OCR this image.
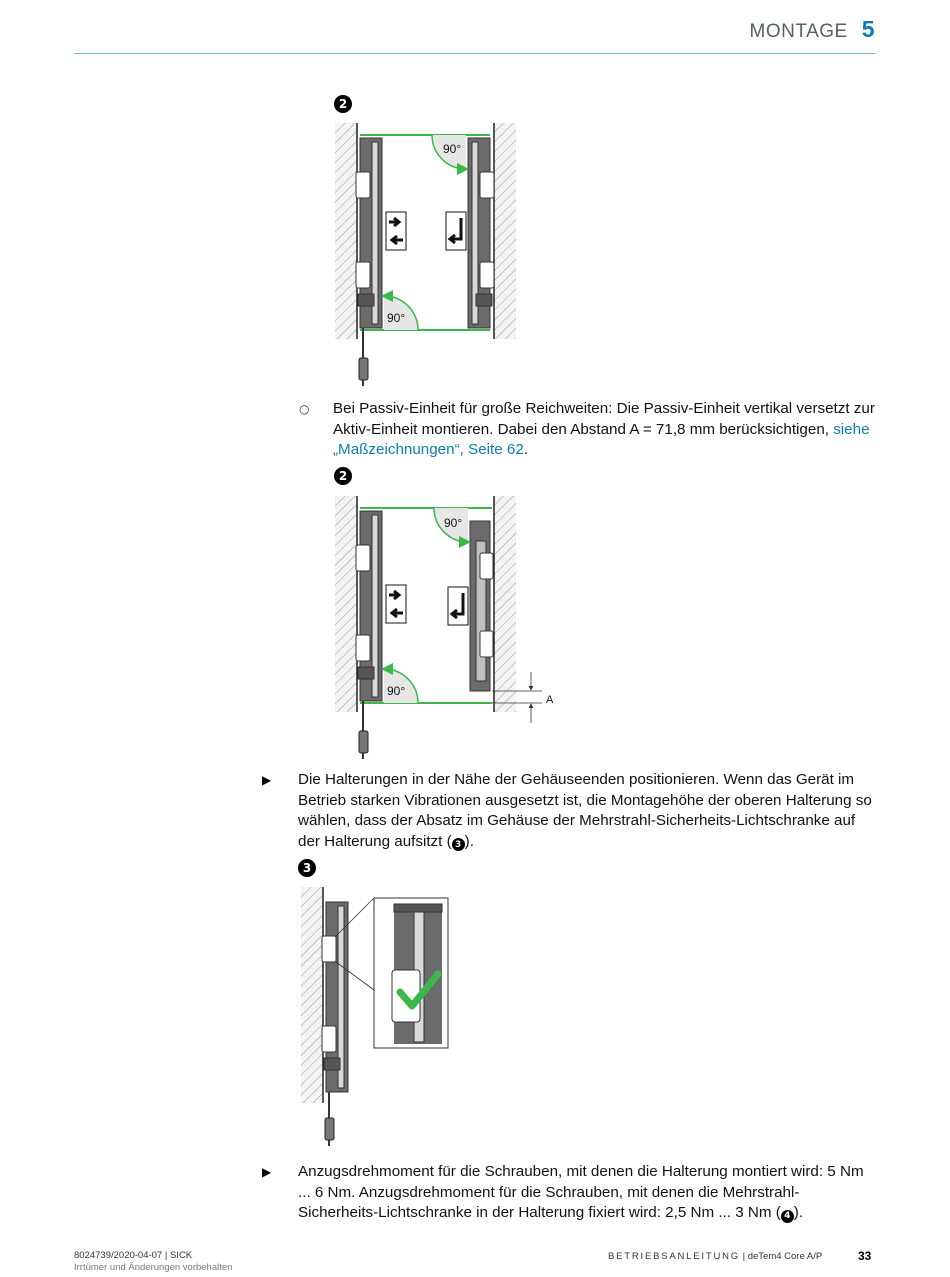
MONTAGE 5
2
90°
90°
○ Bei Passiv-Einheit für große Reichweiten: Die Passiv-Einheit vertikal versetzt zur Aktiv-Einheit montieren. Dabei den Abstand A = 71,8 mm berücksichtigen, siehe „Maßzeichnungen“, Seite 62.

2
90°
90°
A
▶ Die Halterungen in der Nähe der Gehäuseenden positionieren. Wenn das Gerät im Betrieb starken Vibrationen ausgesetzt ist, die Montagehöhe der oberen Halterung so wählen, dass der Absatz im Gehäuse der Mehrstrahl-Sicherheits-Lichtschranke auf der Halterung aufsitzt ( 3 ).

3
▶ Anzugsdrehmoment für die Schrauben, mit denen die Halterung montiert wird: 5 Nm ... 6 Nm. Anzugsdrehmoment für die Schrauben, mit denen die Mehrstrahl-Sicherheits-Lichtschranke in der Halterung fixiert wird: 2,5 Nm ... 3 Nm ( 4 ).

8024739/2020-04-07 | SICK
Irrtümer und Änderungen vorbehalten
BETRIEBSANLEITUNG | deTem4 Core A/P	33
